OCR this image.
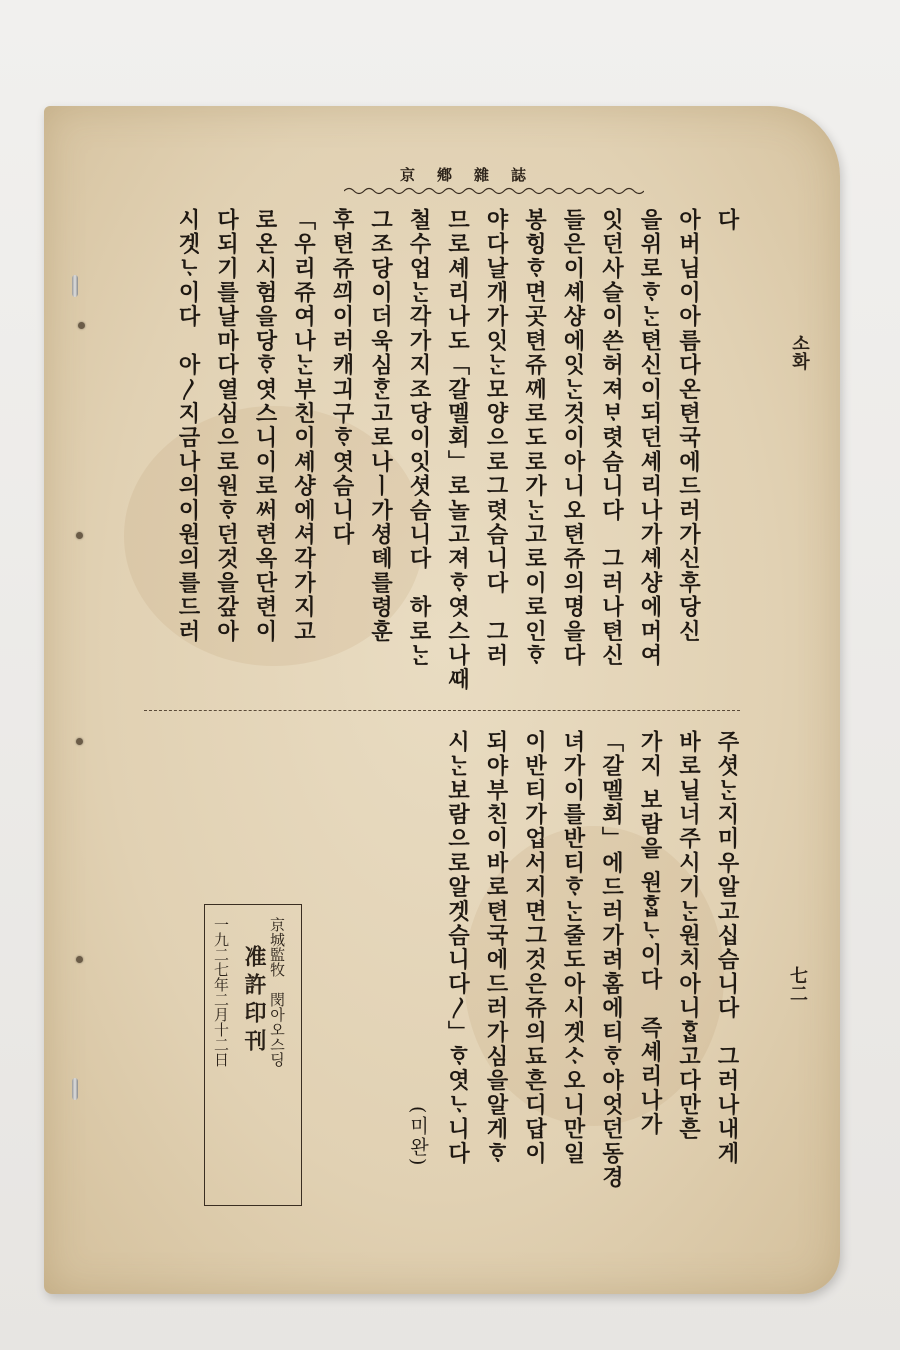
京鄕雜誌
소화
七二
다
아버님이아름다온텬국에드러가신후당신
을위로ᄒᆞᄂᆞᆫ텬신이되던셰리나가셰샹에머여
잇던사슬이쓴허져ᄇᆞ렷슴니다　그러나텬신
들은이셰샹에잇ᄂᆞᆫ것이아니오텬쥬의명을다
봉힝ᄒᆞ면곳텬쥬ᄭᅦ로도로가ᄂᆞᆫ고로이로인ᄒᆞ
야다날개가잇ᄂᆞᆫ모양으로그렷슴니다　그러
므로셰리나도「갈멜회」로놀고져ᄒᆞ엿스나ᄯᅢ
철수업ᄂᆞᆫ각가지조당이잇셧슴니다　하로ᄂᆞᆫ
그조당이더욱심ᄒᆞᆫ고로나ㅣ가셩톄를령훈
후텬쥬ᄭᅴ이러캐긔구ᄒᆞ엿슴니다
「우리쥬여나ᄂᆞᆫ부친이셰샹에셔각가지고
로온시험을당ᄒᆞ엿스니이로써련옥단련이
다되기를날마다열심으로원ᄒᆞ던것을갚아
시겟ᄂᆞ이다　아〳지금나의이원의를드러
주셧ᄂᆞᆫ지미우알고십슴니다　그러나내게
바로닐너주시기ᄂᆞᆫ원치아니ᄒᆞᆸ고다만흔
가지 보람을 원ᄒᆞᆸᄂᆞ이다　즉셰리나가
「갈멜회」에드러가려홈에티ᄒᆞ야엇던동경
녀가이를반티ᄒᆞᄂᆞᆫ줄도아시겟ᄉᆞ오니만일
이반티가업서지면그것은쥬의됴흔디답이
되야부친이바로텬국에드러가심을알게ᄒᆞ
시ᄂᆞᆫ보람으로알겟슴니다〳」ᄒᆞ엿ᄂᆞ니다
(미완)
京城監牧　閔아오스딩
准許印刊
一九二七年二月十二日
